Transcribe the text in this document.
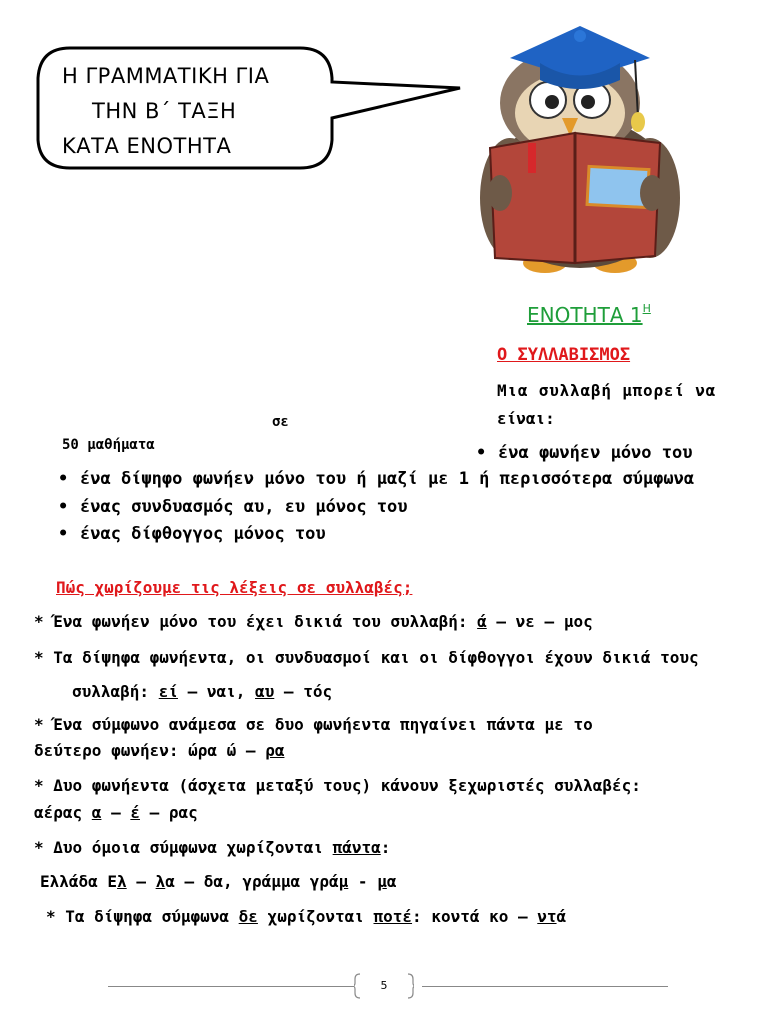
Η ΓΡΑΜΜΑΤΙΚΗ ΓΙΑ
ΤΗΝ Β΄ ΤΑΞΗ
ΚΑΤΑ ΕΝΟΤΗΤΑ
ΕΝΟΤΗΤΑ $1^H$
Ο ΣΥΛΛΑΒΙΣΜΟΣ
Μια συλλαβή μπορεί να
είναι:
σε
50 μαθήματα	• ένα φωνήεν μόνο του
• ένα δίψηφο φωνήεν μόνο του ή μαζί με 1 ή περισσότερα σύμφωνα
• ένας συνδυασμός αυ, ευ μόνος του
• ένας δίφθογγος μόνος του
Πώς χωρίζουμε τις λέξεις σε συλλαβές;
* Ένα φωνήεν μόνο του έχει δικιά του συλλαβή: ά – νε – μος
* Τα δίψηφα φωνήεντα, οι συνδυασμοί και οι δίφθογγοι έχουν δικιά τους
συλλαβή: εί – ναι, αυ – τός
* Ένα σύμφωνο ανάμεσα σε δυο φωνήεντα πηγαίνει πάντα με το
δεύτερο φωνήεν: ώρα ώ – ρα
* Δυο φωνήεντα (άσχετα μεταξύ τους) κάνουν ξεχωριστές συλλαβές:
αέρας α – έ – ρας
* Δυο όμοια σύμφωνα χωρίζονται πάντα:
Ελλάδα Ελ – λα – δα, γράμμα γράμ - μα
* Τα δίψηφα σύμφωνα δε χωρίζονται ποτέ: κοντά κο – ντά
5
